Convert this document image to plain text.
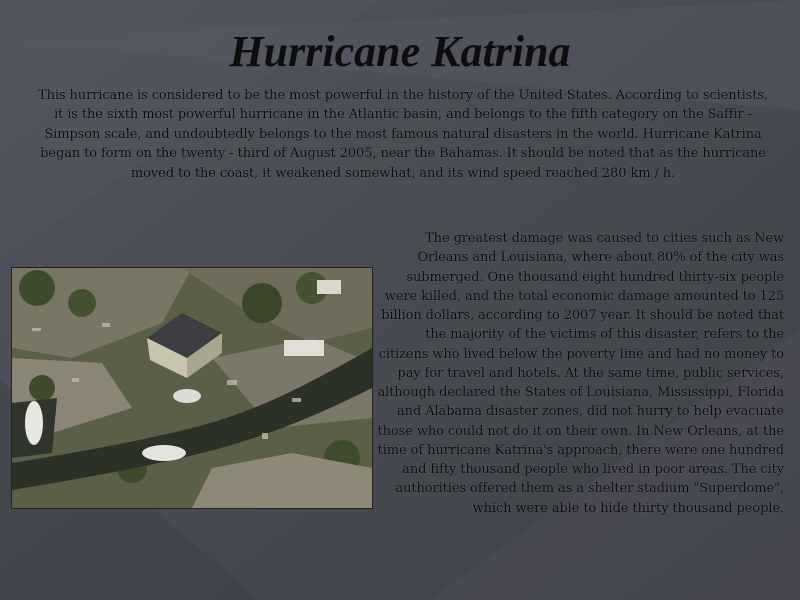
Hurricane Katrina
This hurricane is considered to be the most powerful in the history of the United States. According to scientists, it is the sixth most powerful hurricane in the Atlantic basin, and belongs to the fifth category on the Saffir - Simpson scale, and undoubtedly belongs to the most famous natural disasters in the world. Hurricane Katrina began to form on the twenty - third of August 2005, near the Bahamas. It should be noted that as the hurricane moved to the coast, it weakened somewhat, and its wind speed reached 280 km / h.
The greatest damage was caused to cities such as New Orleans and Louisiana, where about 80% of the city was submerged. One thousand eight hundred thirty-six people were killed, and the total economic damage amounted to 125 billion dollars, according to 2007 year. It should be noted that the majority of the victims of this disaster, refers to the citizens who lived below the poverty line and had no money to pay for travel and hotels. At the same time, public services, although declared the States of Louisiana, Mississippi, Florida and Alabama disaster zones, did not hurry to help evacuate those who could not do it on their own. In New Orleans, at the time of hurricane Katrina's approach, there were one hundred and fifty thousand people who lived in poor areas. The city authorities offered them as a shelter stadium "Superdome", which were able to hide thirty thousand people.
